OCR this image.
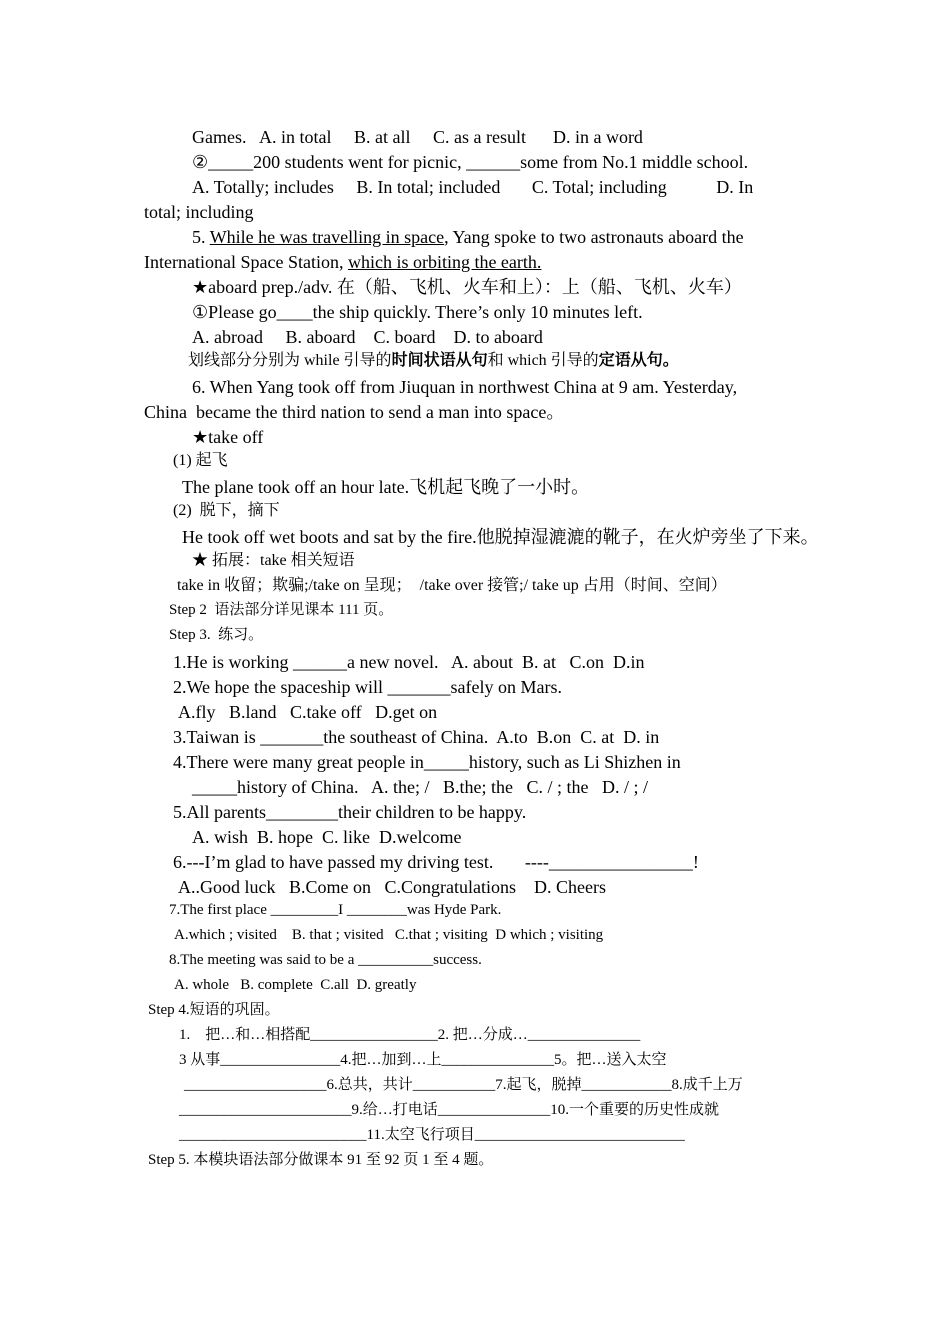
Games.   A. in total     B. at all     C. as a result      D. in a word
②_____200 students went for picnic, ______some from No.1 middle school.
A. Totally; includes     B. In total; included       C. Total; including           D. In
total; including
5. While he was travelling in space, Yang spoke to two astronauts aboard the
International Space Station, which is orbiting the earth.
★aboard prep./adv. 在（船、飞机、火车和上）：上（船、飞机、火车）
①Please go____the ship quickly. There’s only 10 minutes left.
A. abroad     B. aboard    C. board    D. to aboard
划线部分分别为 while 引导的时间状语从句和 which 引导的定语从句。
6. When Yang took off from Jiuquan in northwest China at 9 am. Yesterday,
China  became the third nation to send a man into space。
★take off
(1) 起飞
The plane took off an hour late.飞机起飞晚了一小时。
(2)  脱下，摘下
He took off wet boots and sat by the fire.他脱掉湿漉漉的靴子，在火炉旁坐了下来。
★ 拓展：take 相关短语
take in 收留；欺骗;/take on 呈现；  /take over 接管;/ take up 占用（时间、空间）
Step 2  语法部分详见课本 111 页。
Step 3.  练习。
1.He is working ______a new novel.   A. about  B. at   C.on  D.in
2.We hope the spaceship will _______safely on Mars.
A.fly   B.land   C.take off   D.get on
3.Taiwan is _______the southeast of China.  A.to  B.on  C. at  D. in
4.There were many great people in_____history, such as Li Shizhen in
_____history of China.   A. the; /   B.the; the   C. / ; the   D. / ; /
5.All parents________their children to be happy.
A. wish  B. hope  C. like  D.welcome
6.---I’m glad to have passed my driving test.       ----________________!
A..Good luck   B.Come on   C.Congratulations    D. Cheers
7.The first place _________I ________was Hyde Park.
A.which ; visited    B. that ; visited   C.that ; visiting  D which ; visiting
8.The meeting was said to be a __________success.
A. whole   B. complete  C.all  D. greatly
Step 4.短语的巩固。
1.    把…和…相搭配_________________2. 把…分成…_______________
3 从事________________4.把…加到…上_______________5。把…送入太空
___________________6.总共，共计___________7.起飞，脱掉____________8.成千上万
_______________________9.给…打电话_______________10.一个重要的历史性成就
_________________________11.太空飞行项目____________________________
Step 5. 本模块语法部分做课本 91 至 92 页 1 至 4 题。
